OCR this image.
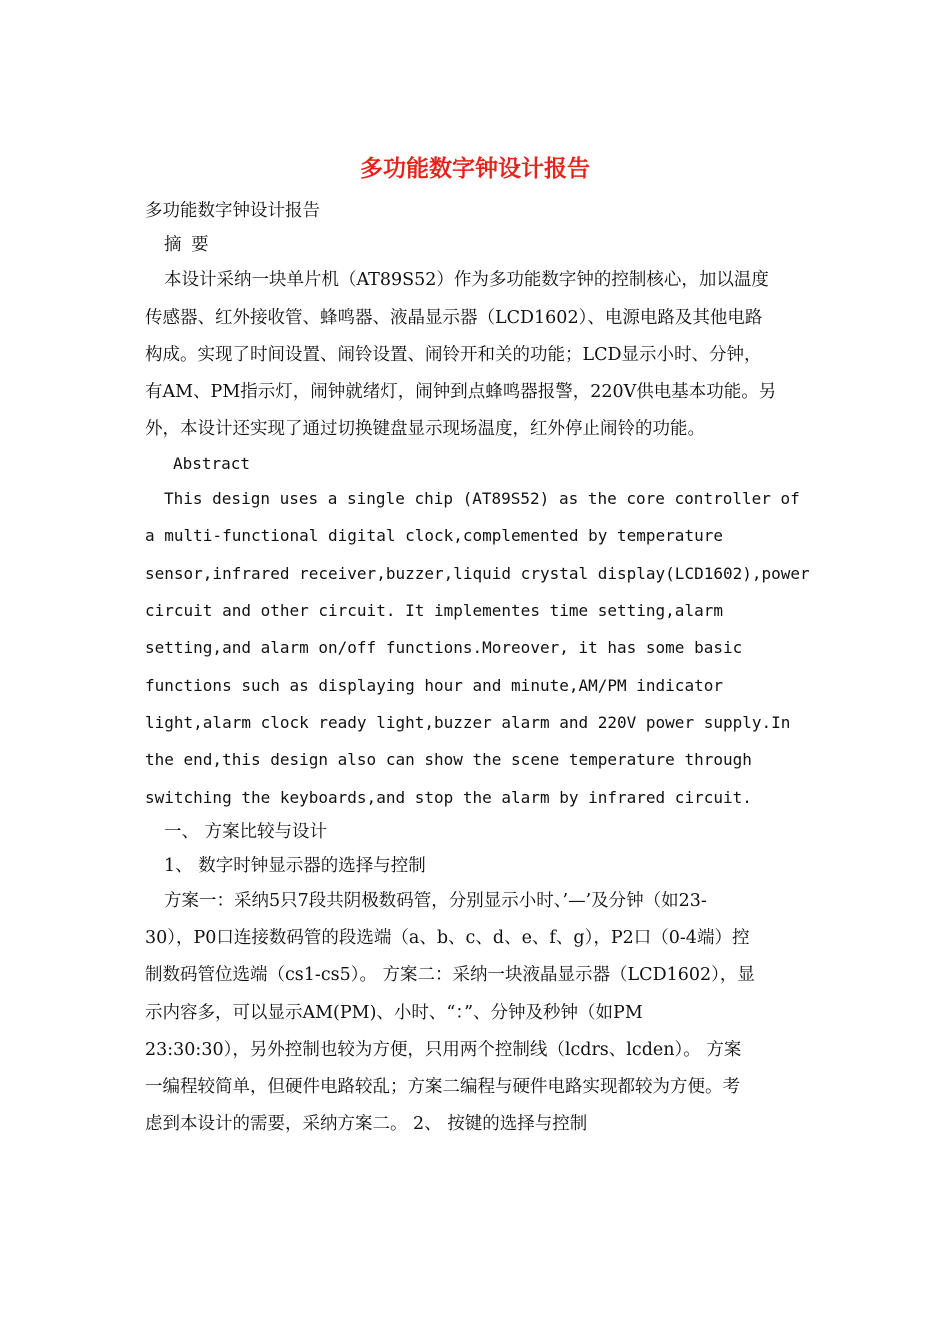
多功能数字钟设计报告
多功能数字钟设计报告
摘 要
本设计采纳一块单片机（AT89S52）作为多功能数字钟的控制核心，加以温度
传感器、红外接收管、蜂鸣器、液晶显示器（LCD1602）、电源电路及其他电路
构成。实现了时间设置、闹铃设置、闹铃开和关的功能；LCD显示小时、分钟，
有AM、PM指示灯，闹钟就绪灯，闹钟到点蜂鸣器报警，220V供电基本功能。另
外，本设计还实现了通过切换键盘显示现场温度，红外停止闹铃的功能。
Abstract
This design uses a single chip (AT89S52) as the core controller of
a multi-functional digital clock,complemented by temperature
sensor,infrared receiver,buzzer,liquid crystal display(LCD1602),power
circuit and other circuit. It implementes time setting,alarm
setting,and alarm on/off functions.Moreover, it has some basic
functions such as displaying hour and minute,AM/PM indicator
light,alarm clock ready light,buzzer alarm and 220V power supply.In
the end,this design also can show the scene temperature through
switching the keyboards,and stop the alarm by infrared circuit.
一、 方案比较与设计
1、 数字时钟显示器的选择与控制
方案一：采纳5只7段共阴极数码管，分别显示小时、’—’及分钟（如23-
30），P0口连接数码管的段选端（a、b、c、d、e、f、g），P2口（0-4端）控
制数码管位选端（cs1-cs5）。 方案二：采纳一块液晶显示器（LCD1602），显
示内容多，可以显示AM(PM)、小时、“：”、分钟及秒钟（如PM
23:30:30），另外控制也较为方便，只用两个控制线（lcdrs、lcden）。 方案
一编程较简单，但硬件电路较乱；方案二编程与硬件电路实现都较为方便。考
虑到本设计的需要，采纳方案二。 2、 按键的选择与控制
